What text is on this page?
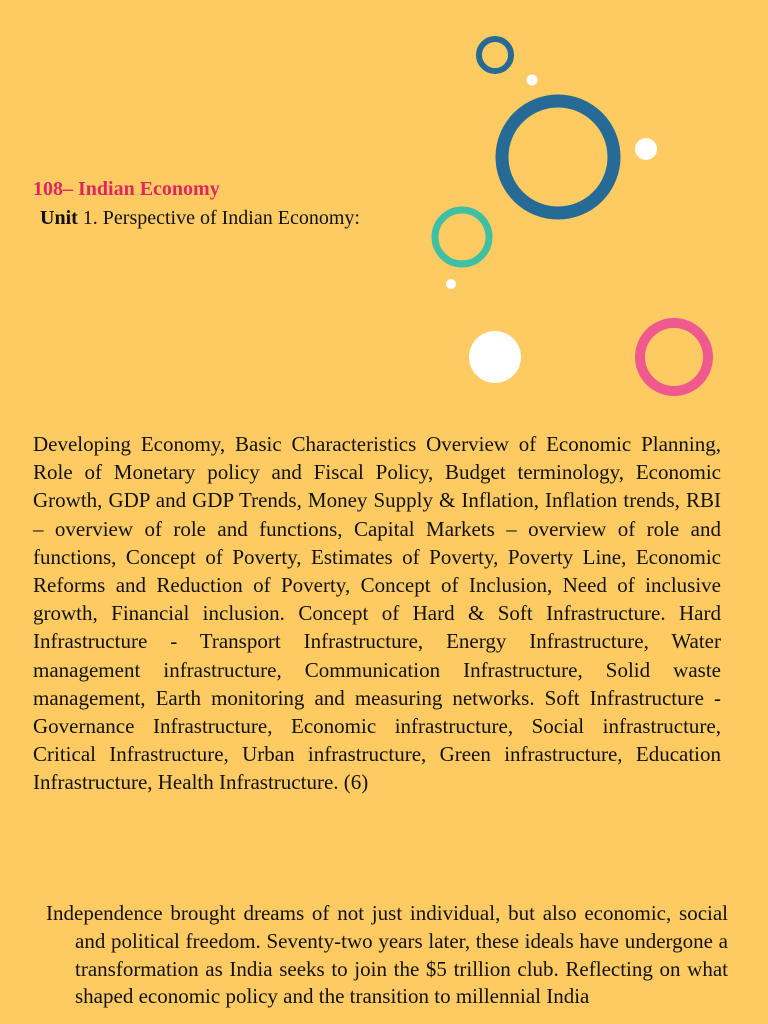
108– Indian Economy
Unit 1. Perspective of Indian Economy:

Developing Economy, Basic Characteristics Overview of Economic Planning, Role of Monetary policy and Fiscal Policy, Budget terminology, Economic Growth, GDP and GDP Trends, Money Supply & Inflation, Inflation trends, RBI – overview of role and functions, Capital Markets – overview of role and functions, Concept of Poverty, Estimates of Poverty, Poverty Line, Economic Reforms and Reduction of Poverty, Concept of Inclusion, Need of inclusive growth, Financial inclusion. Concept of Hard & Soft Infrastructure. Hard Infrastructure - Transport Infrastructure, Energy Infrastructure, Water management infrastructure, Communication Infrastructure, Solid waste management, Earth monitoring and measuring networks. Soft Infrastructure - Governance Infrastructure, Economic infrastructure, Social infrastructure, Critical Infrastructure, Urban infrastructure, Green infrastructure, Education Infrastructure, Health Infrastructure. (6)

Independence brought dreams of not just individual, but also economic, social and political freedom. Seventy-two years later, these ideals have undergone a transformation as India seeks to join the $5 trillion club. Reflecting on what shaped economic policy and the transition to millennial India
